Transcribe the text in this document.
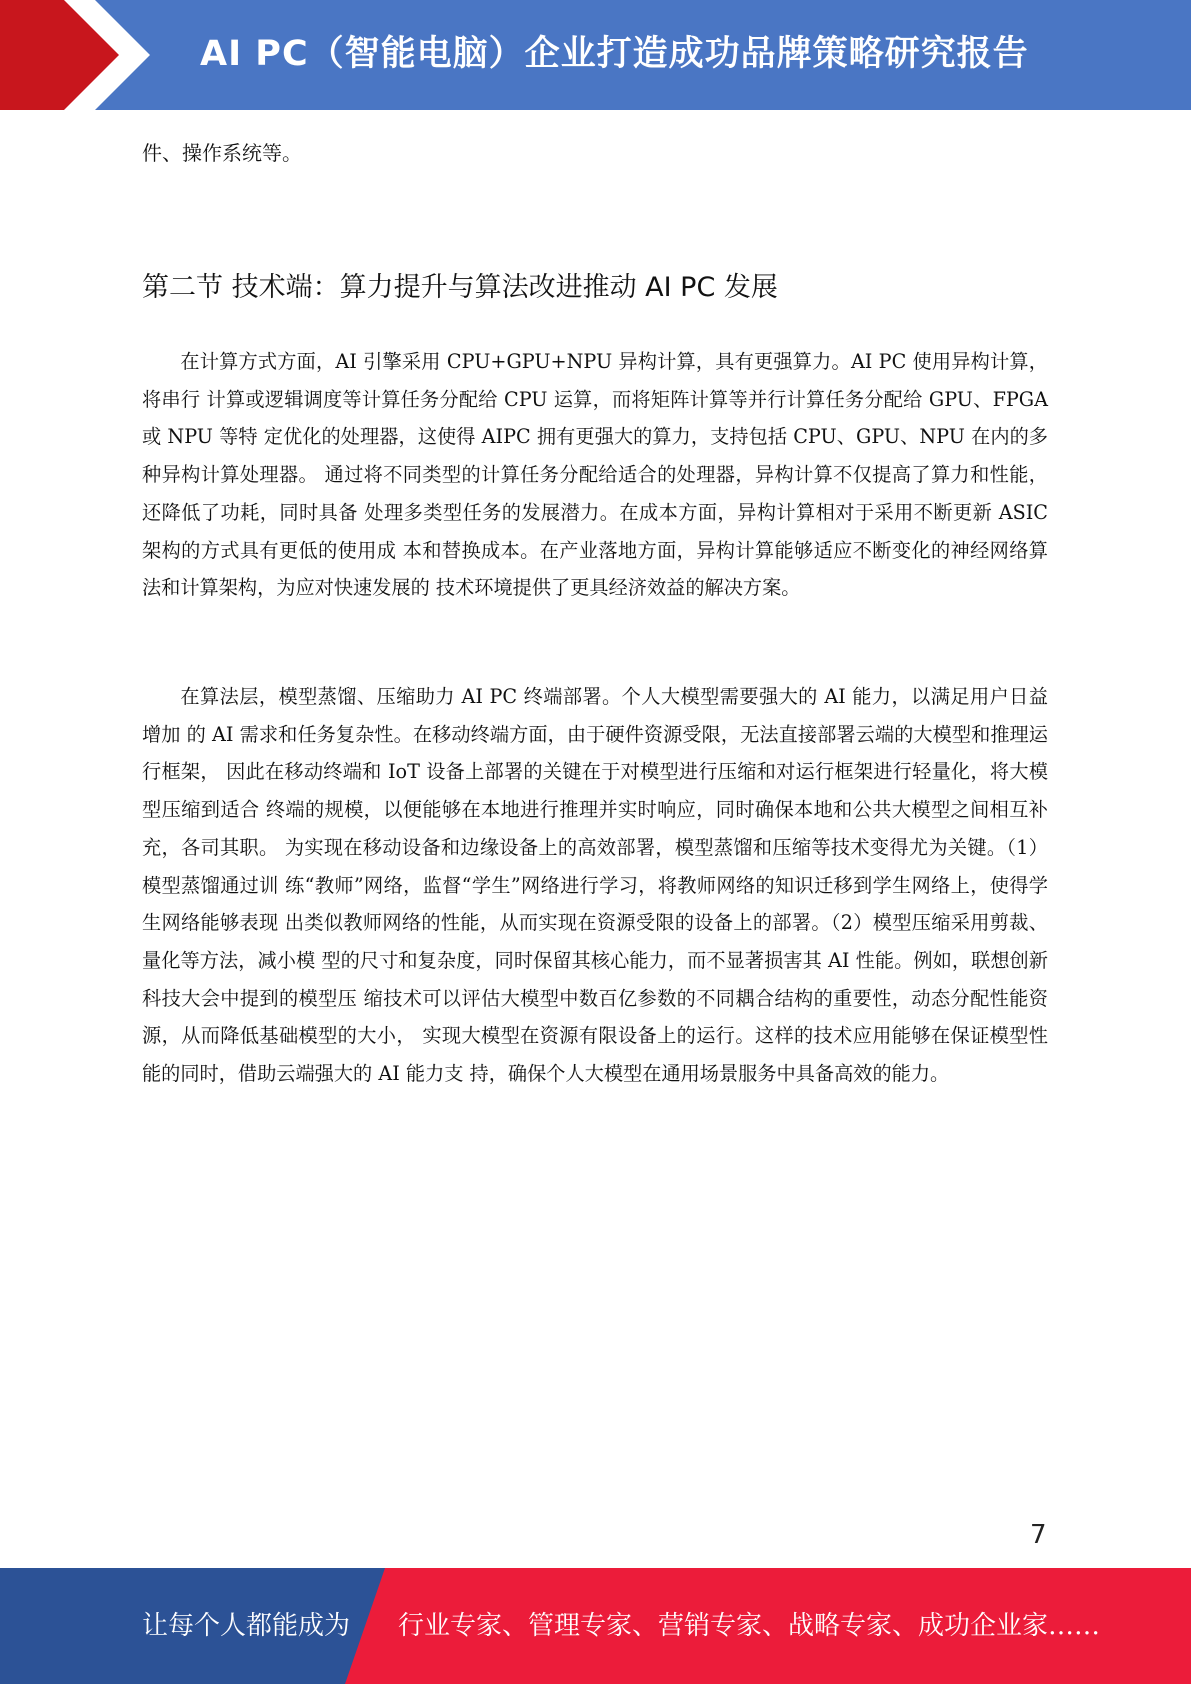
AI PC（智能电脑）企业打造成功品牌策略研究报告
件、操作系统等。
第二节 技术端：算力提升与算法改进推动 AI PC 发展

在计算方式方面，AI 引擎采用 CPU+GPU+NPU 异构计算，具有更强算力。AI PC 使用异构计算，将串行 计算或逻辑调度等计算任务分配给 CPU 运算，而将矩阵计算等并行计算任务分配给 GPU、FPGA 或 NPU 等特 定优化的处理器，这使得 AIPC 拥有更强大的算力，支持包括 CPU、GPU、NPU 在内的多种异构计算处理器。 通过将不同类型的计算任务分配给适合的处理器，异构计算不仅提高了算力和性能，还降低了功耗，同时具备 处理多类型任务的发展潜力。在成本方面，异构计算相对于采用不断更新 ASIC 架构的方式具有更低的使用成 本和替换成本。在产业落地方面，异构计算能够适应不断变化的神经网络算法和计算架构，为应对快速发展的 技术环境提供了更具经济效益的解决方案。

在算法层，模型蒸馏、压缩助力 AI PC 终端部署。个人大模型需要强大的 AI 能力，以满足用户日益增加 的 AI 需求和任务复杂性。在移动终端方面，由于硬件资源受限，无法直接部署云端的大模型和推理运行框架， 因此在移动终端和 IoT 设备上部署的关键在于对模型进行压缩和对运行框架进行轻量化，将大模型压缩到适合 终端的规模，以便能够在本地进行推理并实时响应，同时确保本地和公共大模型之间相互补充，各司其职。 为实现在移动设备和边缘设备上的高效部署，模型蒸馏和压缩等技术变得尤为关键。（1）模型蒸馏通过训 练“教师”网络，监督“学生”网络进行学习，将教师网络的知识迁移到学生网络上，使得学生网络能够表现 出类似教师网络的性能，从而实现在资源受限的设备上的部署。（2）模型压缩采用剪裁、量化等方法，减小模 型的尺寸和复杂度，同时保留其核心能力，而不显著损害其 AI 性能。例如，联想创新科技大会中提到的模型压 缩技术可以评估大模型中数百亿参数的不同耦合结构的重要性，动态分配性能资源，从而降低基础模型的大小， 实现大模型在资源有限设备上的运行。这样的技术应用能够在保证模型性能的同时，借助云端强大的 AI 能力支 持，确保个人大模型在通用场景服务中具备高效的能力。

7
让每个人都能成为 行业专家、管理专家、营销专家、战略专家、成功企业家……
